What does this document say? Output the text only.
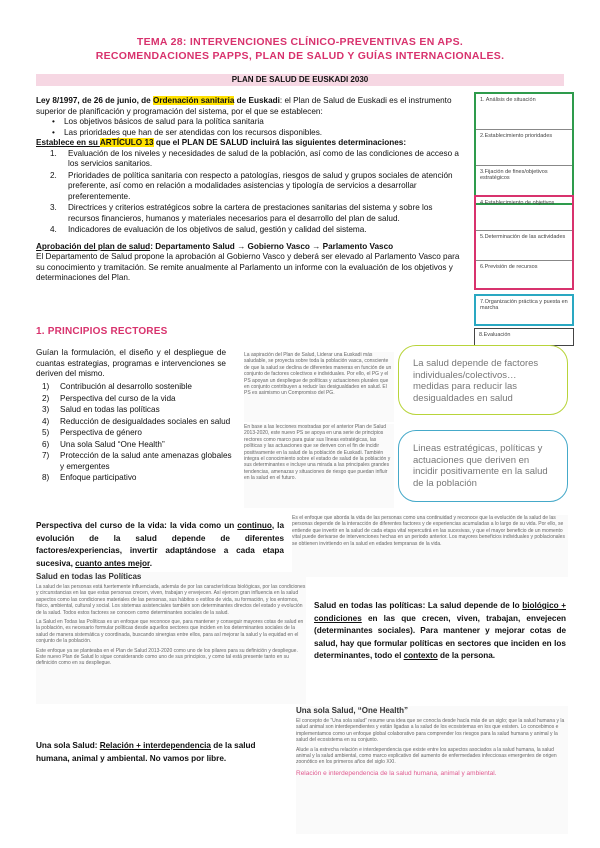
TEMA 28: INTERVENCIONES CLÍNICO-PREVENTIVAS EN APS.
RECOMENDACIONES PAPPS, PLAN DE SALUD Y GUÍAS INTERNACIONALES.
PLAN DE SALUD DE EUSKADI 2030

Ley 8/1997, de 26 de junio, de Ordenación sanitaria de Euskadi: el Plan de Salud de Euskadi es el instrumento superior de planificación y programación del sistema, por el que se establecen:

• Los objetivos básicos de salud para la política sanitaria
• Las prioridades que han de ser atendidas con los recursos disponibles.

Establece en su ARTÍCULO 13 que el PLAN DE SALUD incluirá las siguientes determinaciones:

1. Evaluación de los niveles y necesidades de salud de la población, así como de las condiciones de acceso a los servicios sanitarios.
2. Prioridades de política sanitaria con respecto a patologías, riesgos de salud y grupos sociales de atención preferente, así como en relación a modalidades asistencias y tipología de servicios a desarrollar preferentemente.
3. Directrices y criterios estratégicos sobre la cartera de prestaciones sanitarias del sistema y sobre los recursos financieros, humanos y materiales necesarios para el desarrollo del plan de salud.
4. Indicadores de evaluación de los objetivos de salud, gestión y calidad del sistema.

Aprobación del plan de salud: Departamento Salud → Gobierno Vasco → Parlamento Vasco

El Departamento de Salud propone la aprobación al Gobierno Vasco y deberá ser elevado al Parlamento Vasco para su conocimiento y tramitación. Se remite anualmente al Parlamento un informe con la evaluación de los objetivos y determinaciones del Plan.

1. Análisis de situación
2.Establecimiento prioridades
3.Fijación de fines/objetivos estratégicos
4.Establecimiento de objetivos
5.Determinación de las actividades
6.Previsión de recursos
7.Organización práctica y puesta en marcha
8.Evaluación
1. PRINCIPIOS RECTORES
Guían la formulación, el diseño y el despliegue de cuantas estrategias, programas e intervenciones se deriven del mismo.
1) Contribución al desarrollo sostenible
2) Perspectiva del curso de la vida
3) Salud en todas las políticas
4) Reducción de desigualdades sociales en salud
5) Perspectiva de género
6) Una sola Salud “One Health”
7) Protección de la salud ante amenazas globales y emergentes
8) Enfoque participativo
La aspiración del Plan de Salud, Liderar una Euskadi más saludable, se proyecta sobre toda la población vasca, consciente de que la salud se declina de diferentes maneras en función de un conjunto de factores colectivos e individuales. Por ello, el PG y el PS apoyan un despliegue de políticas y actuaciones plurales que en conjunto contribuyen a reducir las desigualdades en salud. El PS es asimismo un Compromiso del PG.
En base a las lecciones mostradas por el anterior Plan de Salud 2013-2020, este nuevo PS se apoya en una serie de principios rectores como marco para guiar sus líneas estratégicas, las políticas y las actuaciones que se deriven con el fin de incidir positivamente en la salud de la población de Euskadi. También integra el conocimiento sobre el estado de salud de la población y sus determinantes e incluye una mirada a las principales grandes tendencias, amenazas y situaciones de riesgo que puedan influir en la salud en el futuro.
La salud depende de factores individuales/colectivos… medidas para reducir las desigualdades en salud
Lineas estratégicas, políticas y actuaciones que deriven en incidir positivamente en la salud de la población
Perspectiva del curso de la vida: la vida como un continuo, la evolución de la salud depende de diferentes factores/experiencias, invertir adaptándose a cada etapa sucesiva, cuanto antes mejor.
Es el enfoque que aborda la vida de las personas como una continuidad y reconoce que la evolución de la salud de las personas depende de la interacción de diferentes factores y de experiencias acumuladas a lo largo de su vida. Por ello, se entiende que invertir en la salud de cada etapa vital repercutirá en las sucesivas, y que el mayor beneficio de un momento vital puede derivarse de intervenciones hechas en un periodo anterior. Los mayores beneficios individuales y poblacionales se obtienen invirtiendo en la salud en edades tempranas de la vida.
Salud en todas las Políticas
La salud de las personas está fuertemente influenciada, además de por las características biológicas, por las condiciones y circunstancias en las que estas personas crecen, viven, trabajan y envejecen. Así ejercen gran influencia en la salud aspectos como las condiciones materiales de las personas, sus hábitos o estilos de vida, su formación, y los entornos, físico, ambiental, cultural y social. Los sistemas asistenciales también son determinantes directos del estado y evolución de la salud. Todos estos factores se conocen como determinantes sociales de la salud.
La Salud en Todas las Políticas es un enfoque que reconoce que, para mantener y conseguir mayores cotas de salud en la población, es necesario formular políticas desde aquellos sectores que inciden en los determinantes sociales de la salud de manera sistemática y coordinada, buscando sinergias entre ellos, para así mejorar la salud y la equidad en el conjunto de la población.
Este enfoque ya se planteaba en el Plan de Salud 2013-2020 como uno de los pilares para su definición y despliegue. Este nuevo Plan de Salud lo sigue considerando como uno de sus principios, y como tal está presente tanto en su definición como en su despliegue.
Salud en todas las políticas: La salud depende de lo biológico + condiciones en las que crecen, viven, trabajan, envejecen (determinantes sociales). Para mantener y mejorar cotas de salud, hay que formular políticas en sectores que inciden en los determinantes, todo el contexto de la persona.
Una sola Salud, “One Health”
El concepto de “Una sola salud” resume una idea que se conocía desde hacía más de un siglo; que la salud humana y la salud animal son interdependientes y están ligadas a la salud de los ecosistemas en los que existen. Lo concebimos e implementamos como un enfoque global colaborativo para comprender los riesgos para la salud humana y animal y la salud del ecosistema en su conjunto.
Alude a la estrecha relación e interdependencia que existe entre los aspectos asociados a la salud humana, la salud animal y la salud ambiental, como marco explicativo del aumento de enfermedades infecciosas emergentes de origen zoonótico en los primeros años del siglo XXI.
Relación e interdependencia de la salud humana, animal y ambiental.
Una sola Salud: Relación + interdependencia de la salud humana, animal y ambiental. No vamos por libre.
